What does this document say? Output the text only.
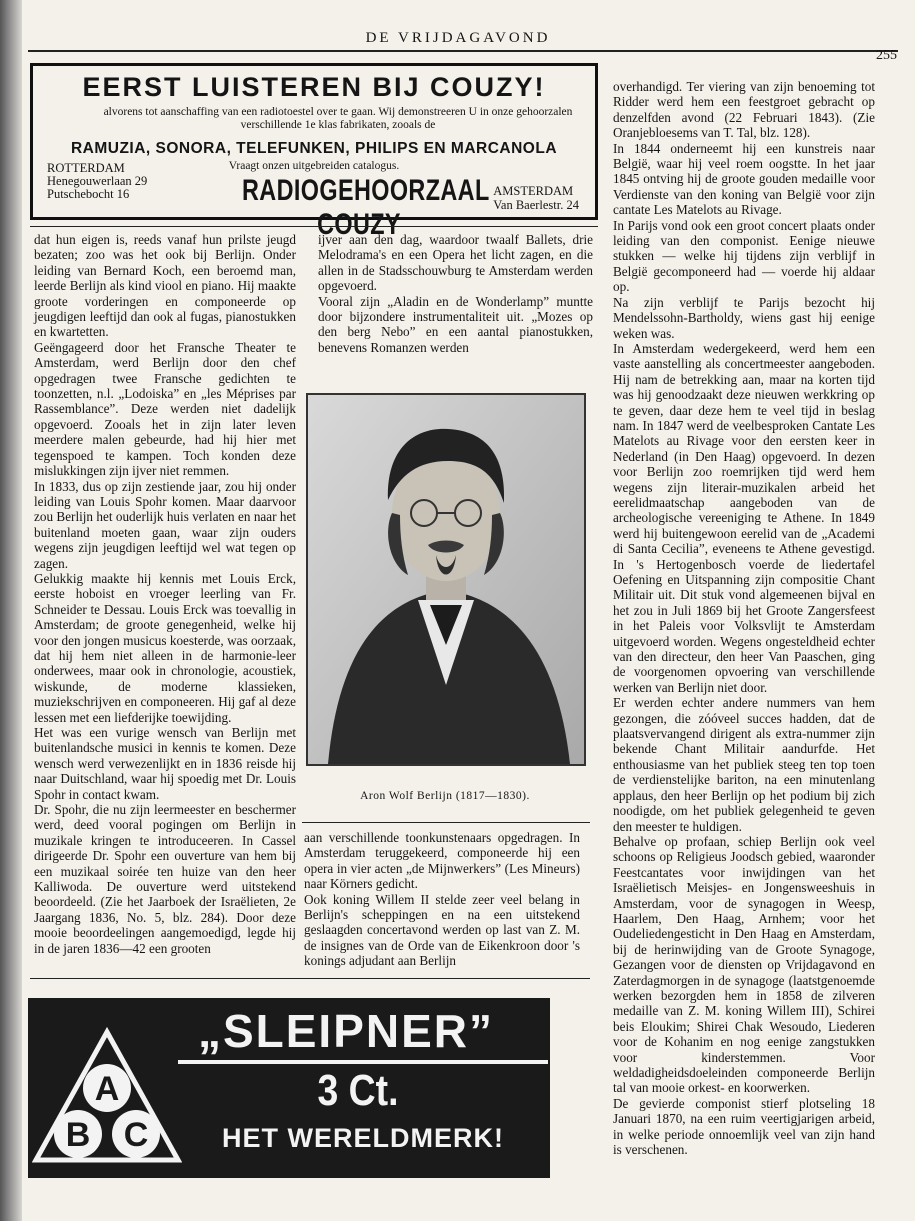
DE VRIJDAGAVOND
255
EERST LUISTEREN BIJ COUZY!
alvorens tot aanschaffing van een radiotoestel over te gaan. Wij demonstreeren U in onze gehoorzalen verschillende 1e klas fabrikaten, zooals de
RAMUZIA, SONORA, TELEFUNKEN, PHILIPS EN MARCANOLA
Vraagt onzen uitgebreiden catalogus.
ROTTERDAM
Henegouwerlaan 29
Putschebocht 16	RADIOGEHOORZAAL COUZY
AMSTERDAM
Van Baerlestr. 24

dat hun eigen is, reeds vanaf hun prilste jeugd bezaten; zoo was het ook bij Berlijn. Onder leiding van Bernard Koch, een beroemd man, leerde Berlijn als kind viool en piano. Hij maakte groote vorderingen en componeerde op jeugdigen leeftijd dan ook al fugas, pianostukken en kwartetten.

Geëngageerd door het Fransche Theater te Amsterdam, werd Berlijn door den chef opgedragen twee Fransche gedichten te toonzetten, n.l. „Lodoiska” en „les Méprises par Rassemblance”. Deze werden niet dadelijk opgevoerd. Zooals het in zijn later leven meerdere malen gebeurde, had hij hier met tegenspoed te kampen. Toch konden deze mislukkingen zijn ijver niet remmen.

In 1833, dus op zijn zestiende jaar, zou hij onder leiding van Louis Spohr komen. Maar daarvoor zou Berlijn het ouderlijk huis verlaten en naar het buitenland moeten gaan, waar zijn ouders wegens zijn jeugdigen leeftijd wel wat tegen op zagen.

Gelukkig maakte hij kennis met Louis Erck, eerste hoboist en vroeger leerling van Fr. Schneider te Dessau. Louis Erck was toevallig in Amsterdam; de groote genegenheid, welke hij voor den jongen musicus koesterde, was oorzaak, dat hij hem niet alleen in de harmonie-leer onderwees, maar ook in chronologie, acoustiek, wiskunde, de moderne klassieken, muziekschrijven en componeeren. Hij gaf al deze lessen met een liefderijke toewijding.

Het was een vurige wensch van Berlijn met buitenlandsche musici in kennis te komen. Deze wensch werd verwezenlijkt en in 1836 reisde hij naar Duitschland, waar hij spoedig met Dr. Louis Spohr in contact kwam.

Dr. Spohr, die nu zijn leermeester en beschermer werd, deed vooral pogingen om Berlijn in muzikale kringen te introduceeren. In Cassel dirigeerde Dr. Spohr een ouverture van hem bij een muzikaal soirée ten huize van den heer Kalliwoda. De ouverture werd uitstekend beoordeeld. (Zie het Jaarboek der Israëlieten, 2e Jaargang 1836, No. 5, blz. 284). Door deze mooie beoordeelingen aangemoedigd, legde hij in de jaren 1836—42 een grooten

ijver aan den dag, waardoor twaalf Ballets, drie Melodrama's en een Opera het licht zagen, en die allen in de Stadsschouwburg te Amsterdam werden opgevoerd.

Vooral zijn „Aladin en de Wonderlamp” muntte door bijzondere instrumentaliteit uit. „Mozes op den berg Nebo” en een aantal pianostukken, benevens Romanzen werden

Aron Wolf Berlijn (1817—1830).

aan verschillende toonkunstenaars opgedragen. In Amsterdam teruggekeerd, componeerde hij een opera in vier acten „de Mijnwerkers” (Les Mineurs) naar Körners gedicht.

Ook koning Willem II stelde zeer veel belang in Berlijn's scheppingen en na een uitstekend geslaagden concertavond werden op last van Z. M. de insignes van de Orde van de Eikenkroon door 's konings adjudant aan Berlijn

overhandigd. Ter viering van zijn benoeming tot Ridder werd hem een feestgroet gebracht op denzelfden avond (22 Februari 1843). (Zie Oranjebloesems van T. Tal, blz. 128).

In 1844 onderneemt hij een kunstreis naar België, waar hij veel roem oogstte. In het jaar 1845 ontving hij de groote gouden medaille voor Verdienste van den koning van België voor zijn cantate Les Matelots au Rivage.

In Parijs vond ook een groot concert plaats onder leiding van den componist. Eenige nieuwe stukken — welke hij tijdens zijn verblijf in België gecomponeerd had — voerde hij aldaar op.

Na zijn verblijf te Parijs bezocht hij Mendelssohn-Bartholdy, wiens gast hij eenige weken was.

In Amsterdam wedergekeerd, werd hem een vaste aanstelling als concertmeester aangeboden. Hij nam de betrekking aan, maar na korten tijd was hij genoodzaakt deze nieuwen werkkring op te geven, daar deze hem te veel tijd in beslag nam. In 1847 werd de veelbesproken Cantate Les Matelots au Rivage voor den eersten keer in Nederland (in Den Haag) opgevoerd. In dezen voor Berlijn zoo roemrijken tijd werd hem wegens zijn literair-muzikalen arbeid het eerelidmaatschap aangeboden van de archeologische vereeniging te Athene. In 1849 werd hij buitengewoon eerelid van de „Academi di Santa Cecilia”, eveneens te Athene gevestigd. In 's Hertogenbosch voerde de liedertafel Oefening en Uitspanning zijn compositie Chant Militair uit. Dit stuk vond algemeenen bijval en het zou in Juli 1869 bij het Groote Zangersfeest in het Paleis voor Volksvlijt te Amsterdam uitgevoerd worden. Wegens ongesteldheid echter van den directeur, den heer Van Paaschen, ging de voorgenomen opvoering van verschillende werken van Berlijn niet door.

Er werden echter andere nummers van hem gezongen, die zóóveel succes hadden, dat de plaatsvervangend dirigent als extra-nummer zijn bekende Chant Militair aandurfde. Het enthousiasme van het publiek steeg ten top toen de verdienstelijke bariton, na een minutenlang applaus, den heer Berlijn op het podium bij zich noodigde, om het publiek gelegenheid te geven den meester te huldigen.

Behalve op profaan, schiep Berlijn ook veel schoons op Religieus Joodsch gebied, waaronder Feestcantates voor inwijdingen van het Israëlietisch Meisjes- en Jongensweeshuis in Amsterdam, voor de synagogen in Weesp, Haarlem, Den Haag, Arnhem; voor het Oudeliedengesticht in Den Haag en Amsterdam, bij de herinwijding van de Groote Synagoge, Gezangen voor de diensten op Vrijdagavond en Zaterdagmorgen in de synagoge (laatstgenoemde werken bezorgden hem in 1858 de zilveren medaille van Z. M. koning Willem III), Schirei beis Eloukim; Shirei Chak Wesoudo, Liederen voor de Kohanim en nog eenige zangstukken voor kinderstemmen. Voor weldadigheidsdoeleinden componeerde Berlijn tal van mooie orkest- en koorwerken.

De gevierde componist stierf plotseling 18 Januari 1870, na een ruim veertigjarigen arbeid, in welke periode onnoemlijk veel van zijn hand is verschenen.

A
B C
„SLEIPNER”
3 Ct.
HET WERELDMERK!
